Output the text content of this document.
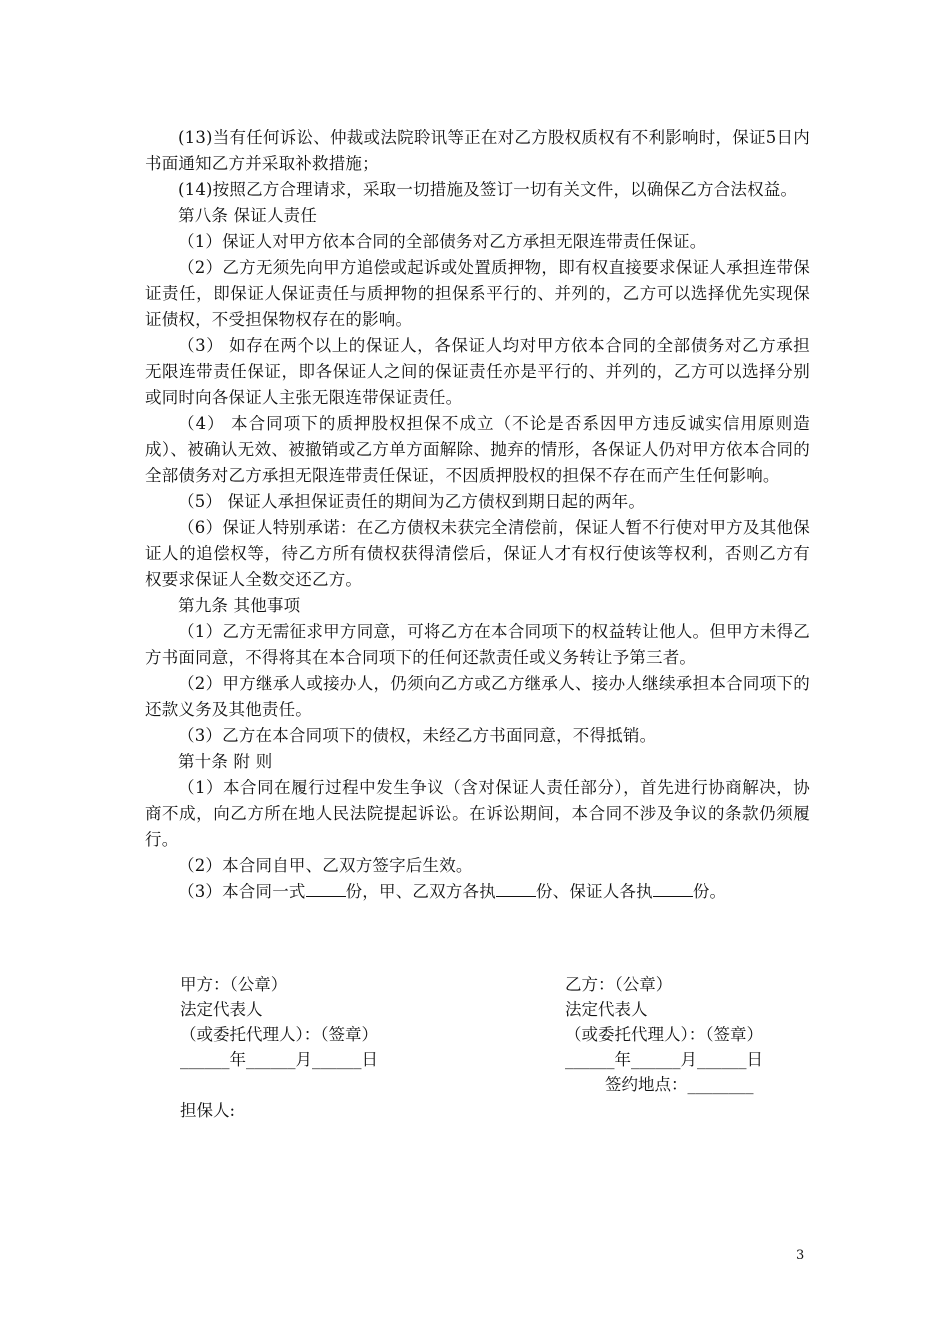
(13)当有任何诉讼、仲裁或法院聆讯等正在对乙方股权质权有不利影响时，保证5日内书面通知乙方并采取补救措施；

(14)按照乙方合理请求，采取一切措施及签订一切有关文件，以确保乙方合法权益。

第八条 保证人责任

（1）保证人对甲方依本合同的全部债务对乙方承担无限连带责任保证。

（2）乙方无须先向甲方追偿或起诉或处置质押物，即有权直接要求保证人承担连带保证责任，即保证人保证责任与质押物的担保系平行的、并列的，乙方可以选择优先实现保证债权，不受担保物权存在的影响。

（3） 如存在两个以上的保证人，各保证人均对甲方依本合同的全部债务对乙方承担无限连带责任保证，即各保证人之间的保证责任亦是平行的、并列的，乙方可以选择分别或同时向各保证人主张无限连带保证责任。

（4） 本合同项下的质押股权担保不成立（不论是否系因甲方违反诚实信用原则造成）、被确认无效、被撤销或乙方单方面解除、抛弃的情形，各保证人仍对甲方依本合同的全部债务对乙方承担无限连带责任保证，不因质押股权的担保不存在而产生任何影响。

（5） 保证人承担保证责任的期间为乙方债权到期日起的两年。

（6）保证人特别承诺：在乙方债权未获完全清偿前，保证人暂不行使对甲方及其他保证人的追偿权等，待乙方所有债权获得清偿后，保证人才有权行使该等权利，否则乙方有权要求保证人全数交还乙方。

第九条 其他事项

（1）乙方无需征求甲方同意，可将乙方在本合同项下的权益转让他人。但甲方未得乙方书面同意，不得将其在本合同项下的任何还款责任或义务转让予第三者。

（2）甲方继承人或接办人，仍须向乙方或乙方继承人、接办人继续承担本合同项下的还款义务及其他责任。

（3）乙方在本合同项下的债权，未经乙方书面同意，不得抵销。

第十条 附 则

（1）本合同在履行过程中发生争议（含对保证人责任部分），首先进行协商解决，协商不成，向乙方所在地人民法院提起诉讼。在诉讼期间，本合同不涉及争议的条款仍须履行。

（2）本合同自甲、乙双方签字后生效。

（3）本合同一式 份，甲、乙双方各执 份、保证人各执 份。

甲方：（公章）
法定代表人
（或委托代理人）：（签章）
______年______月______日
乙方：（公章）
法定代表人
（或委托代理人）：（签章）
______年______月______日
签约地点：________
担保人:
3
